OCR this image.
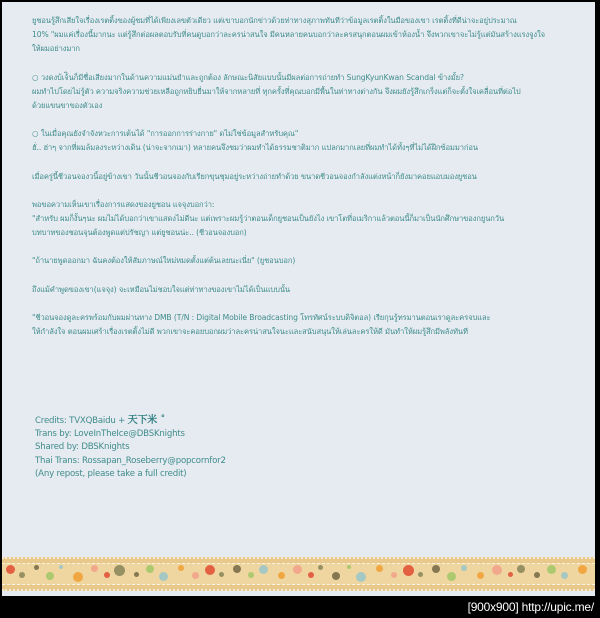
ยูชอนรู้สึกเสียใจเรื่องเรตติ้งของผู้ชมที่ได้เพียงเลขตัวเดียว แต่เขาบอกนักข่าวด้วยท่าทางสุภาพทันทีว่าข้อมูลเรตติ้งในมือของเขา เรตติ้งที่ดีน่าจะอยู่ประมาณ

10% "ผมแค่เรื่องนี้มากนะ แต่รู้สึกต่อผลตอบรับที่คนดูบอกว่าละครน่าสนใจ มีคนหลายคนบอกว่าละครสนุกตอนผมเข้าห้องน้ำ จึงพวกเขาจะไม่รู้แต่มันสร้างแรงจูงใจ

ให้ผมอย่างมาก

○ วงดงบ้เจ้ินก็มีชื่อเสียงมากในด้านความแม่นยำและถูกต้อง ลักษณะนิสัยแบบนั้นมีผลต่อการถ่ายทำ SungKyunKwan Scandal ข้างมั้ย?

ผมทำไปโดยไม่รู้ตัว ความจริงความช่วยเหลือถูกหยิบยื่นมาให้จากหลายที่ ทุกครั้งที่คุณบอกมีพื้นในท่าทางต่างกัน จึงผมยังรู้สึกเกร็งแต่ก็จะตั้งใจเคลื่อนที่ต่อไป

ด้วยแขนขาของตัวเอง

○ ในเมื่อคุณยังจำจังหวะการเต้นได้ "การออกการร่างกาย" ดไม่ใช่ข้อมูลสำหรับคุณ"

ฮั่.. ฮ่าๆ จากที่ผมล้มลงระหว่างเดิน (น่าจะจากเมา) หลายคนจึงชมว่าผมทำได้ธรรมชาติมาก แปลกมากเลยที่ผมทำได้ทั้งๆที่ไม่ได้ฝึกซ้อมมาก่อน

เมื่อครู่นี้ชีวอนจองวนิ้อยู่ข้างเขา วันนั้นชีวอนจองกับเรียกขุนชุมอยู่ระหว่างถ่ายทำด้วย ขนาดชีวอนจองกำลังแต่งหน้าก็ยังมาคอยแอบมองยูชอน

พอขอความเห็นเขาเรื่องการแสดงของยูชอน แจจุงบอกว่า:

"สำหรับ ผมก็งั้นๆนะ ผมไม่ได้บอกว่าเขาแสดงไม่ดีนะ แต่เพราะผมรู้ว่าตอนเด็กยูชอนเป็นยังไง เขาโตที่อเมริกาแล้วตอนนี้ก็มาเป็นนักศึกษาของกยูนกวัน

บทบาทของชอนจุนต้องพูดแต่ปรัชญา แต่ยูชอนน่ะ.. (ชีวอนจองบอก)

"ถ้านายพูดออกมา ฉันคงต้องให้สัมภาษณ์ใหม่หมดตั้งแต่ต้นเลยนะเนี่ย" (ยูชอนบอก)

ถึงแม้คำพูดของเขา(แจจุง) จะเหมือนไม่ชอบใจแต่ท่าทางของเขาไม่ได้เป็นแบบนั้น

"ชีวอนจองดูละครพร้อมกับผมผ่านทาง DMB (T/N : Digital Mobile Broadcasting โทรทัศน์ระบบดิจิตอล) เรียกุนรู้ทรมานตอนเราดูละครจบและ

ให้กำลังใจ ตอนผมเศร้าเรื่องเรตติ้งไม่ดี พวกเขาจะคอยบอกผมว่าละครน่าสนใจนะและสนับสนุนให้เล่นละครให้ดี มันทำให้ผมรู้สึกมีพลังทันที

Credits: TVXQBaidu + 天下米 ˚

Trans by: LoveInTheIce@DBSKnights

Shared by: DBSKnights

Thai Trans: Rossapan_Roseberry@popcornfor2

(Any repost, please take a full credit)

[900x900] http://upic.me/
